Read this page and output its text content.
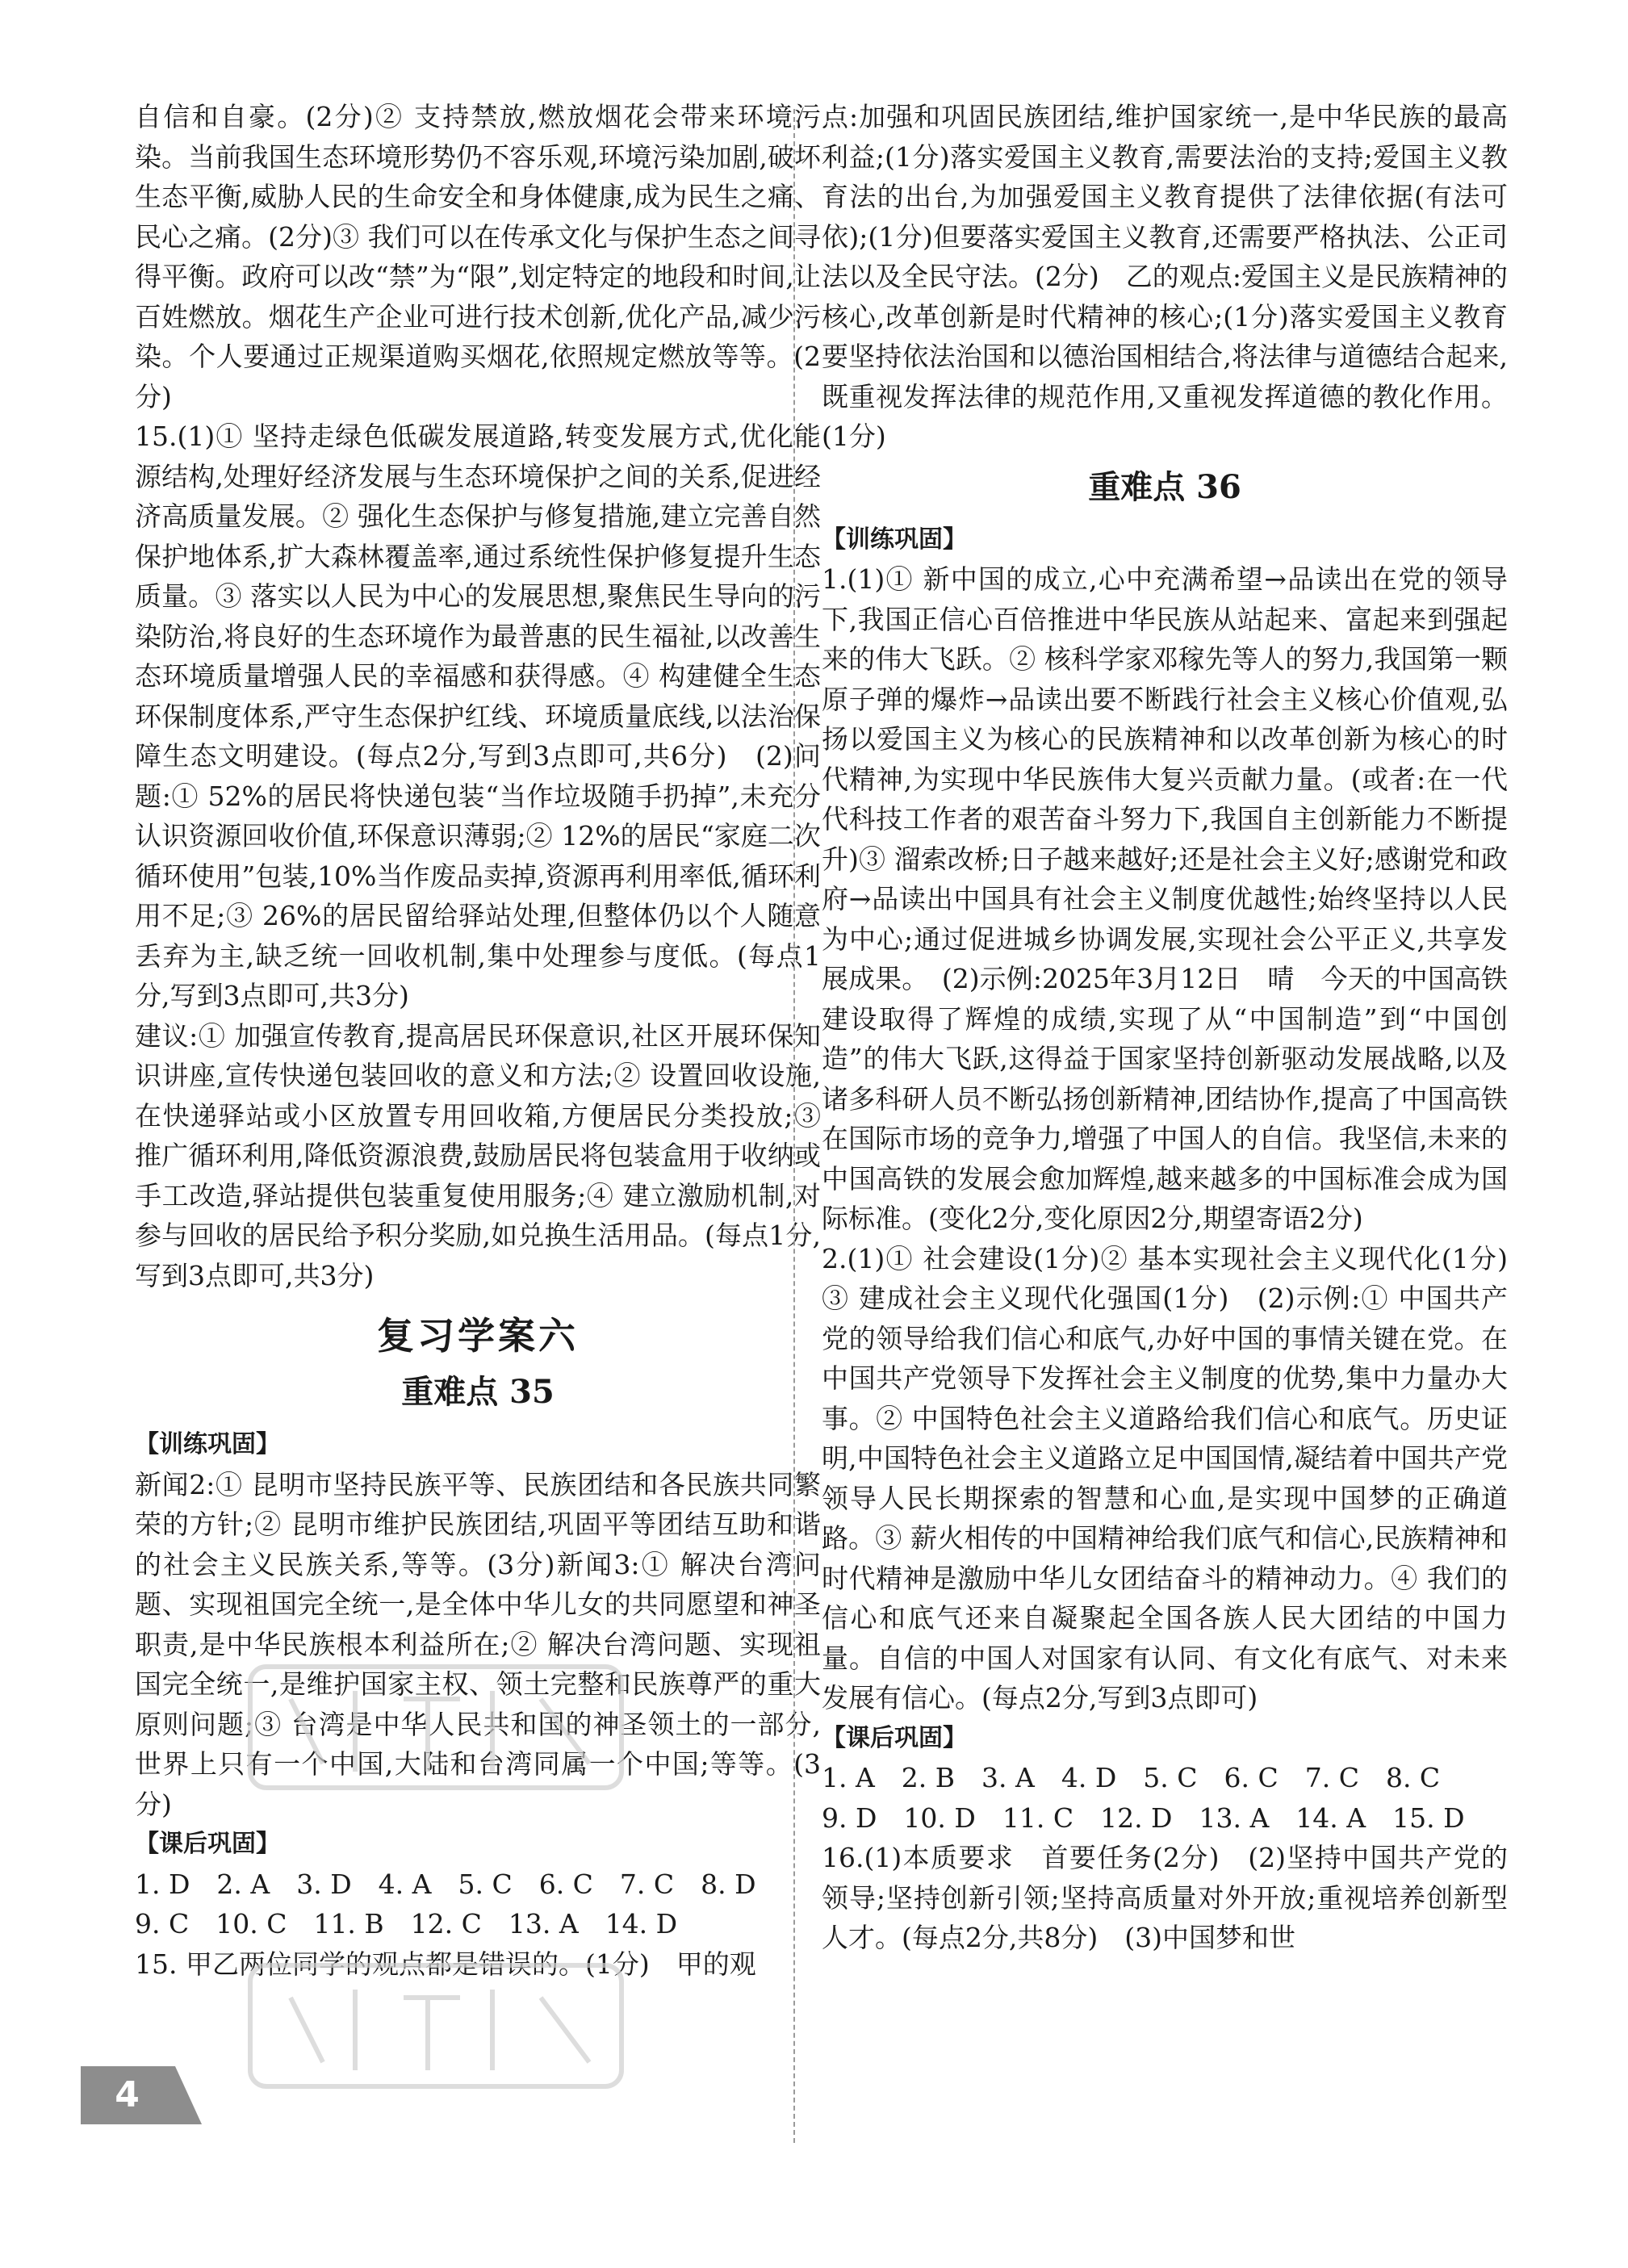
自信和自豪。(2分)② 支持禁放,燃放烟花会带来环境污染。当前我国生态环境形势仍不容乐观,环境污染加剧,破坏生态平衡,威胁人民的生命安全和身体健康,成为民生之痛、民心之痛。(2分)③ 我们可以在传承文化与保护生态之间寻得平衡。政府可以改“禁”为“限”,划定特定的地段和时间,让百姓燃放。烟花生产企业可进行技术创新,优化产品,减少污染。个人要通过正规渠道购买烟花,依照规定燃放等等。(2分)

15.(1)① 坚持走绿色低碳发展道路,转变发展方式,优化能源结构,处理好经济发展与生态环境保护之间的关系,促进经济高质量发展。② 强化生态保护与修复措施,建立完善自然保护地体系,扩大森林覆盖率,通过系统性保护修复提升生态质量。③ 落实以人民为中心的发展思想,聚焦民生导向的污染防治,将良好的生态环境作为最普惠的民生福祉,以改善生态环境质量增强人民的幸福感和获得感。④ 构建健全生态环保制度体系,严守生态保护红线、环境质量底线,以法治保障生态文明建设。(每点2分,写到3点即可,共6分)　(2)问题:① 52%的居民将快递包装“当作垃圾随手扔掉”,未充分认识资源回收价值,环保意识薄弱;② 12%的居民“家庭二次循环使用”包装,10%当作废品卖掉,资源再利用率低,循环利用不足;③ 26%的居民留给驿站处理,但整体仍以个人随意丢弃为主,缺乏统一回收机制,集中处理参与度低。(每点1分,写到3点即可,共3分)

建议:① 加强宣传教育,提高居民环保意识,社区开展环保知识讲座,宣传快递包装回收的意义和方法;② 设置回收设施,在快递驿站或小区放置专用回收箱,方便居民分类投放;③ 推广循环利用,降低资源浪费,鼓励居民将包装盒用于收纳或手工改造,驿站提供包装重复使用服务;④ 建立激励机制,对参与回收的居民给予积分奖励,如兑换生活用品。(每点1分,写到3点即可,共3分)

复习学案六
重难点 35

【训练巩固】

新闻2:① 昆明市坚持民族平等、民族团结和各民族共同繁荣的方针;② 昆明市维护民族团结,巩固平等团结互助和谐的社会主义民族关系,等等。(3分)新闻3:① 解决台湾问题、实现祖国完全统一,是全体中华儿女的共同愿望和神圣职责,是中华民族根本利益所在;② 解决台湾问题、实现祖国完全统一,是维护国家主权、领土完整和民族尊严的重大原则问题;③ 台湾是中华人民共和国的神圣领土的一部分,世界上只有一个中国,大陆和台湾同属一个中国;等等。(3分)

【课后巩固】

1. D　2. A　3. D　4. A　5. C　6. C　7. C　8. D

9. C　10. C　11. B　12. C　13. A　14. D

15. 甲乙两位同学的观点都是错误的。(1分)　甲的观

点:加强和巩固民族团结,维护国家统一,是中华民族的最高利益;(1分)落实爱国主义教育,需要法治的支持;爱国主义教育法的出台,为加强爱国主义教育提供了法律依据(有法可依);(1分)但要落实爱国主义教育,还需要严格执法、公正司法以及全民守法。(2分)　乙的观点:爱国主义是民族精神的核心,改革创新是时代精神的核心;(1分)落实爱国主义教育要坚持依法治国和以德治国相结合,将法律与道德结合起来,既重视发挥法律的规范作用,又重视发挥道德的教化作用。(1分)

重难点 36

【训练巩固】

1.(1)① 新中国的成立,心中充满希望→品读出在党的领导下,我国正信心百倍推进中华民族从站起来、富起来到强起来的伟大飞跃。② 核科学家邓稼先等人的努力,我国第一颗原子弹的爆炸→品读出要不断践行社会主义核心价值观,弘扬以爱国主义为核心的民族精神和以改革创新为核心的时代精神,为实现中华民族伟大复兴贡献力量。(或者:在一代代科技工作者的艰苦奋斗努力下,我国自主创新能力不断提升)③ 溜索改桥;日子越来越好;还是社会主义好;感谢党和政府→品读出中国具有社会主义制度优越性;始终坚持以人民为中心;通过促进城乡协调发展,实现社会公平正义,共享发展成果。　(2)示例:2025年3月12日　晴　今天的中国高铁建设取得了辉煌的成绩,实现了从“中国制造”到“中国创造”的伟大飞跃,这得益于国家坚持创新驱动发展战略,以及诸多科研人员不断弘扬创新精神,团结协作,提高了中国高铁在国际市场的竞争力,增强了中国人的自信。我坚信,未来的中国高铁的发展会愈加辉煌,越来越多的中国标准会成为国际标准。(变化2分,变化原因2分,期望寄语2分)

2.(1)① 社会建设(1分)② 基本实现社会主义现代化(1分)③ 建成社会主义现代化强国(1分)　(2)示例:① 中国共产党的领导给我们信心和底气,办好中国的事情关键在党。在中国共产党领导下发挥社会主义制度的优势,集中力量办大事。② 中国特色社会主义道路给我们信心和底气。历史证明,中国特色社会主义道路立足中国国情,凝结着中国共产党领导人民长期探索的智慧和心血,是实现中国梦的正确道路。③ 薪火相传的中国精神给我们底气和信心,民族精神和时代精神是激励中华儿女团结奋斗的精神动力。④ 我们的信心和底气还来自凝聚起全国各族人民大团结的中国力量。自信的中国人对国家有认同、有文化有底气、对未来发展有信心。(每点2分,写到3点即可)

【课后巩固】

1. A　2. B　3. A　4. D　5. C　6. C　7. C　8. C

9. D　10. D　11. C　12. D　13. A　14. A　15. D

16.(1)本质要求　首要任务(2分)　(2)坚持中国共产党的领导;坚持创新引领;坚持高质量对外开放;重视培养创新型人才。(每点2分,共8分)　(3)中国梦和世

4
